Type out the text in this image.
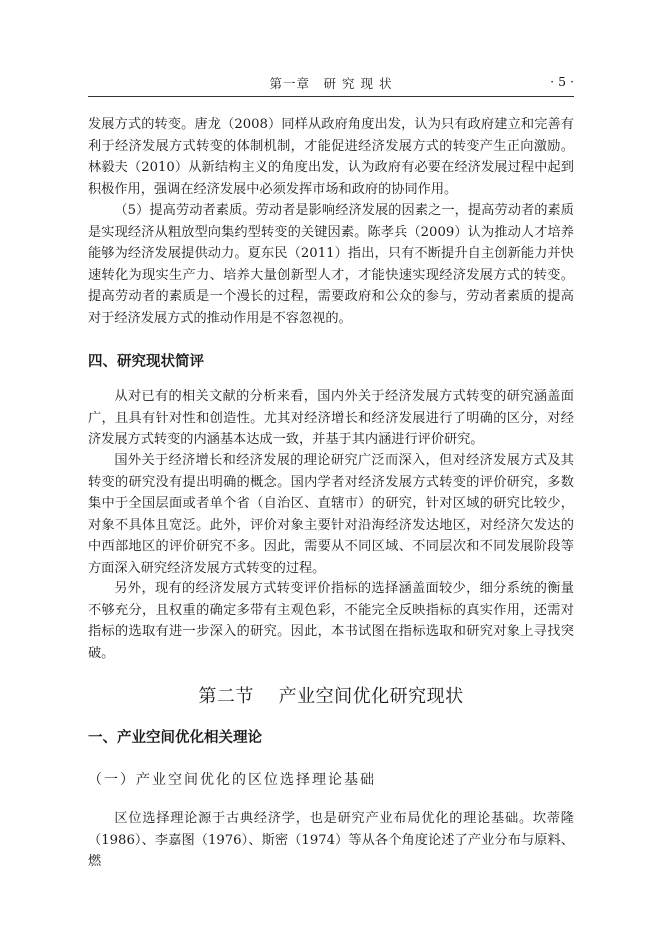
第一章　研 究 现 状	· 5 ·

发展方式的转变。唐龙（2008）同样从政府角度出发，认为只有政府建立和完善有利于经济发展方式转变的体制机制，才能促进经济发展方式的转变产生正向激励。林毅夫（2010）从新结构主义的角度出发，认为政府有必要在经济发展过程中起到积极作用，强调在经济发展中必须发挥市场和政府的协同作用。

（5）提高劳动者素质。劳动者是影响经济发展的因素之一，提高劳动者的素质是实现经济从粗放型向集约型转变的关键因素。陈孝兵（2009）认为推动人才培养能够为经济发展提供动力。夏东民（2011）指出，只有不断提升自主创新能力并快速转化为现实生产力、培养大量创新型人才，才能快速实现经济发展方式的转变。提高劳动者的素质是一个漫长的过程，需要政府和公众的参与，劳动者素质的提高对于经济发展方式的推动作用是不容忽视的。

四、研究现状简评

从对已有的相关文献的分析来看，国内外关于经济发展方式转变的研究涵盖面广，且具有针对性和创造性。尤其对经济增长和经济发展进行了明确的区分，对经济发展方式转变的内涵基本达成一致，并基于其内涵进行评价研究。

国外关于经济增长和经济发展的理论研究广泛而深入，但对经济发展方式及其转变的研究没有提出明确的概念。国内学者对经济发展方式转变的评价研究，多数集中于全国层面或者单个省（自治区、直辖市）的研究，针对区域的研究比较少，对象不具体且宽泛。此外，评价对象主要针对沿海经济发达地区，对经济欠发达的中西部地区的评价研究不多。因此，需要从不同区域、不同层次和不同发展阶段等方面深入研究经济发展方式转变的过程。

另外，现有的经济发展方式转变评价指标的选择涵盖面较少，细分系统的衡量不够充分，且权重的确定多带有主观色彩，不能完全反映指标的真实作用，还需对指标的选取有进一步深入的研究。因此，本书试图在指标选取和研究对象上寻找突破。

第二节　 产业空间优化研究现状
一、产业空间优化相关理论
（一）产业空间优化的区位选择理论基础

区位选择理论源于古典经济学，也是研究产业布局优化的理论基础。坎蒂隆（1986）、李嘉图（1976）、斯密（1974）等从各个角度论述了产业分布与原料、燃
